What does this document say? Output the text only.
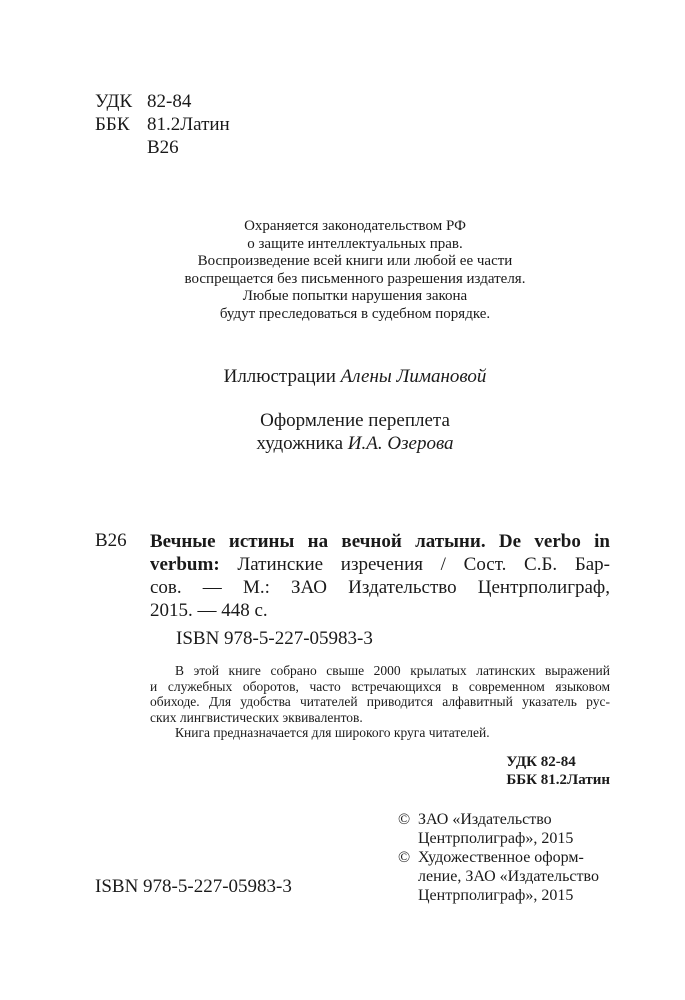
УДК 82-84
ББК 81.2Латин
В26
Охраняется законодательством РФ
о защите интеллектуальных прав.
Воспроизведение всей книги или любой ее части
воспрещается без письменного разрешения издателя.
Любые попытки нарушения закона
будут преследоваться в судебном порядке.
Иллюстрации Алены Лимановой
Оформление переплета
художника И.А. Озерова
В26 Вечные истины на вечной латыни. De verbo in
verbum: Латинские изречения / Сост. С.Б. Бар-
сов. — М.: ЗАО Издательство Центрполиграф,
2015. — 448 с.
ISBN 978-5-227-05983-3
В этой книге собрано свыше 2000 крылатых латинских выражений
и служебных оборотов, часто встречающихся в современном языковом
обиходе. Для удобства читателей приводится алфавитный указатель рус-
ских лингвистических эквивалентов.
Книга предназначается для широкого круга читателей.
УДК 82-84
ББК 81.2Латин
© ЗАО «Издательство
Центрполиграф», 2015
© Художественное оформ-
ление, ЗАО «Издательство
Центрполиграф», 2015
ISBN 978-5-227-05983-3
